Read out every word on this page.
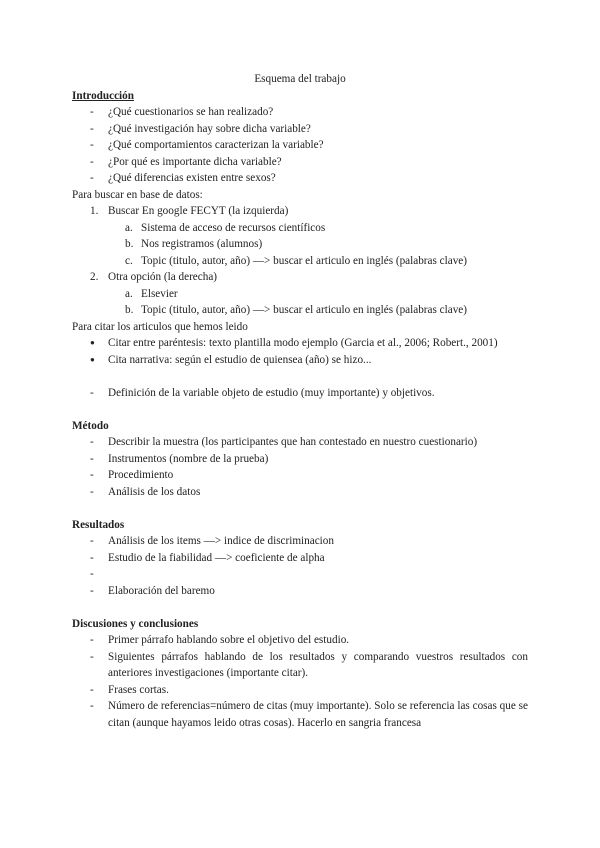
Esquema del trabajo
Introducción
- ¿Qué cuestionarios se han realizado?
- ¿Qué investigación hay sobre dicha variable?
- ¿Qué comportamientos caracterizan la variable?
- ¿Por qué es importante dicha variable?
- ¿Qué diferencias existen entre sexos?
Para buscar en base de datos:
1. Buscar En google FECYT (la izquierda)
a. Sistema de acceso de recursos científicos
b. Nos registramos (alumnos)
c. Topic (titulo, autor, año) —> buscar el articulo en inglés (palabras clave)
2. Otra opción (la derecha)
a. Elsevier
b. Topic (titulo, autor, año) —> buscar el articulo en inglés (palabras clave)
Para citar los articulos que hemos leido
● Citar entre paréntesis: texto plantilla modo ejemplo (Garcia et al., 2006; Robert., 2001)
● Cita narrativa: según el estudio de quiensea (año) se hizo...
- Definición de la variable objeto de estudio (muy importante) y objetivos.
Método
- Describir la muestra (los participantes que han contestado en nuestro cuestionario)
- Instrumentos (nombre de la prueba)
- Procedimiento
- Análisis de los datos
Resultados
- Análisis de los items —> indice de discriminacion
- Estudio de la fiabilidad —> coeficiente de alpha
-
- Elaboración del baremo
Discusiones y conclusiones
- Primer párrafo hablando sobre el objetivo del estudio.
- Siguientes párrafos hablando de los resultados y comparando vuestros resultados con anteriores investigaciones (importante citar).
- Frases cortas.
- Número de referencias=número de citas (muy importante). Solo se referencia las cosas que se citan (aunque hayamos leido otras cosas). Hacerlo en sangria francesa
